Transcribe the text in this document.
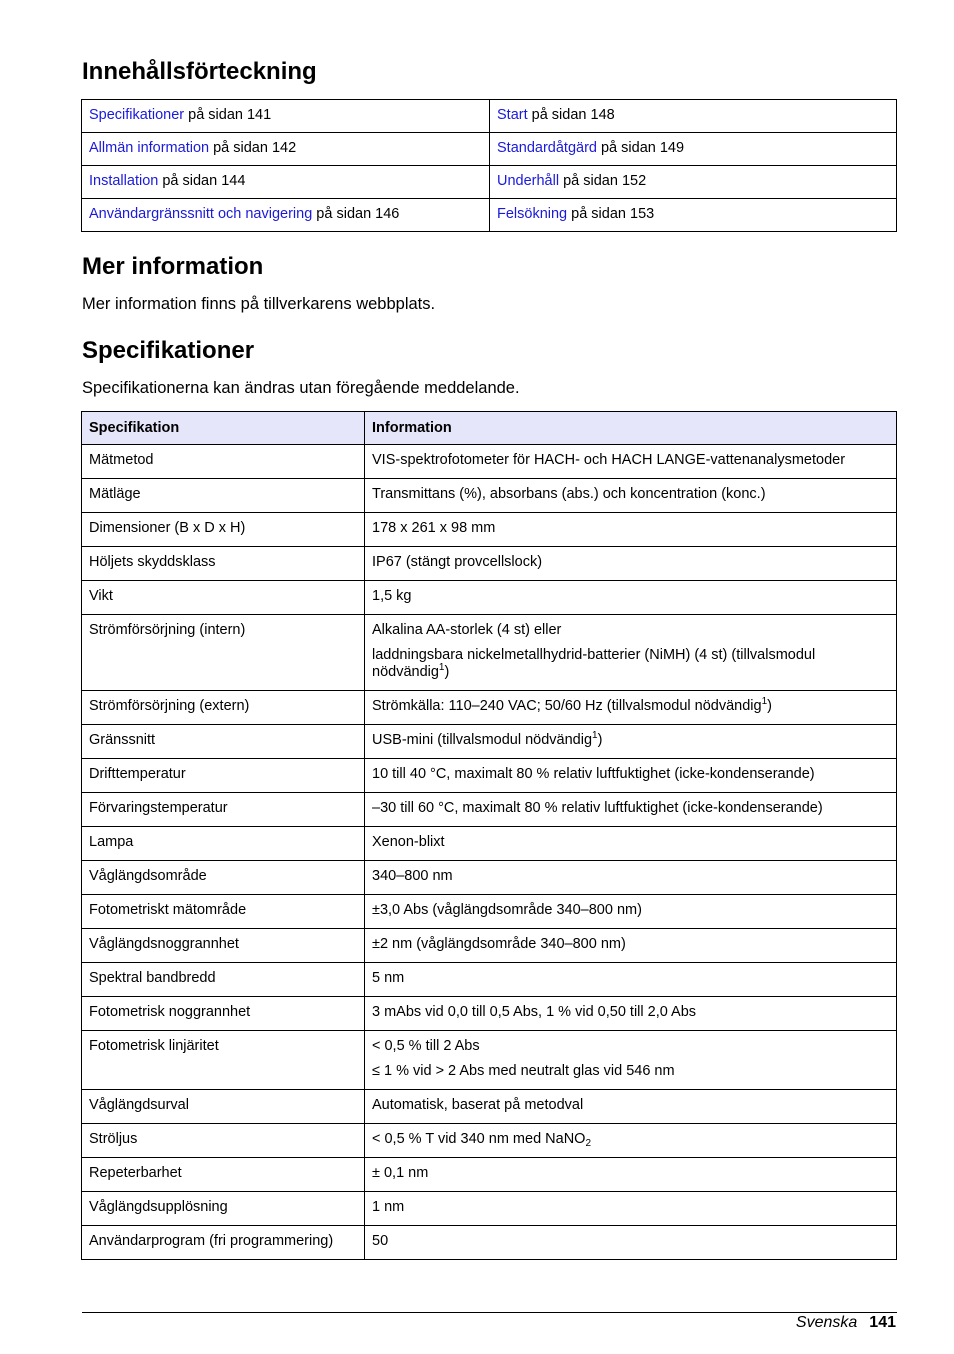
Innehållsförteckning
Specifikationer på sidan 141	Start på sidan 148
Allmän information på sidan 142	Standardåtgärd på sidan 149
Installation på sidan 144	Underhåll på sidan 152
Användargränssnitt och navigering på sidan 146	Felsökning på sidan 153
Mer information

Mer information finns på tillverkarens webbplats.

Specifikationer

Specifikationerna kan ändras utan föregående meddelande.

Specifikation	Information
Mätmetod	VIS-spektrofotometer för HACH- och HACH LANGE-vattenanalysmetoder

Mätläge	Transmittans (%), absorbans (abs.) och koncentration (konc.)

Dimensioner (B x D x H)	178 x 261 x 98 mm

Höljets skyddsklass	IP67 (stängt provcellslock)

Vikt	1,5 kg

Strömförsörjning (intern)	Alkalina AA-storlek (4 st) eller

laddningsbara nickelmetallhydrid-batterier (NiMH) (4 st) (tillvalsmodul nödvändig$^1$)

Strömförsörjning (extern)	Strömkälla: 110–240 VAC; 50/60 Hz (tillvalsmodul nödvändig$^1$)

Gränssnitt	USB-mini (tillvalsmodul nödvändig$^1$)

Drifttemperatur	10 till 40 °C, maximalt 80 % relativ luftfuktighet (icke-kondenserande)

Förvaringstemperatur	–30 till 60 °C, maximalt 80 % relativ luftfuktighet (icke-kondenserande)

Lampa	Xenon-blixt

Våglängdsområde	340–800 nm

Fotometriskt mätområde	±3,0 Abs (våglängdsområde 340–800 nm)

Våglängdsnoggrannhet	±2 nm (våglängdsområde 340–800 nm)

Spektral bandbredd	5 nm

Fotometrisk noggrannhet	3 mAbs vid 0,0 till 0,5 Abs, 1 % vid 0,50 till 2,0 Abs

Fotometrisk linjäritet	< 0,5 % till 2 Abs

≤ 1 % vid > 2 Abs med neutralt glas vid 546 nm

Våglängdsurval	Automatisk, baserat på metodval

Ströljus	< 0,5 % T vid 340 nm med NaNO$_2$

Repeterbarhet	± 0,1 nm

Våglängdsupplösning	1 nm

Användarprogram (fri programmering)	50

Svenska 141
